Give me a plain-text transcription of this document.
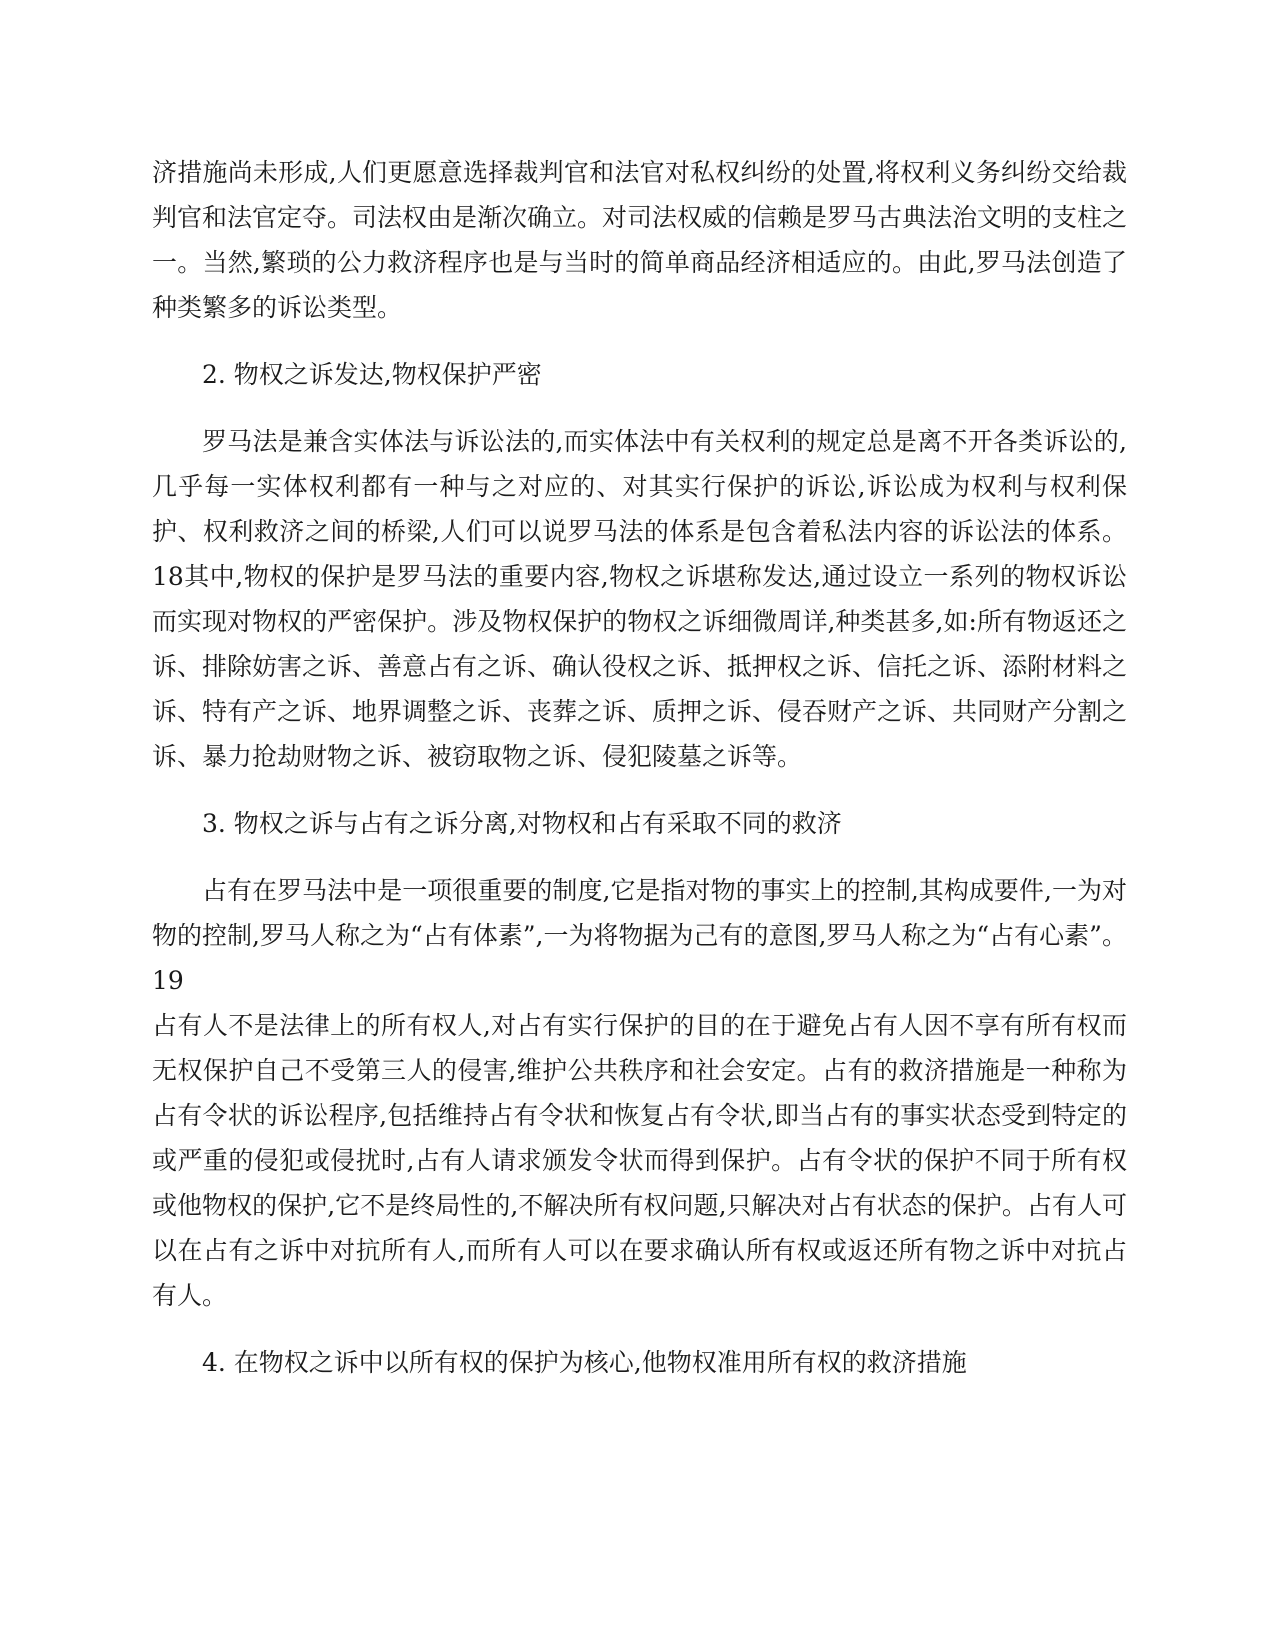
济措施尚未形成,人们更愿意选择裁判官和法官对私权纠纷的处置,将权利义务纠纷交给裁判官和法官定夺。司法权由是渐次确立。对司法权威的信赖是罗马古典法治文明的支柱之一。当然,繁琐的公力救济程序也是与当时的简单商品经济相适应的。由此,罗马法创造了种类繁多的诉讼类型。

2. 物权之诉发达,物权保护严密

罗马法是兼含实体法与诉讼法的,而实体法中有关权利的规定总是离不开各类诉讼的,几乎每一实体权利都有一种与之对应的、对其实行保护的诉讼,诉讼成为权利与权利保护、权利救济之间的桥梁,人们可以说罗马法的体系是包含着私法内容的诉讼法的体系。18其中,物权的保护是罗马法的重要内容,物权之诉堪称发达,通过设立一系列的物权诉讼而实现对物权的严密保护。涉及物权保护的物权之诉细微周详,种类甚多,如:所有物返还之诉、排除妨害之诉、善意占有之诉、确认役权之诉、抵押权之诉、信托之诉、添附材料之诉、特有产之诉、地界调整之诉、丧葬之诉、质押之诉、侵吞财产之诉、共同财产分割之诉、暴力抢劫财物之诉、被窃取物之诉、侵犯陵墓之诉等。

3. 物权之诉与占有之诉分离,对物权和占有采取不同的救济

占有在罗马法中是一项很重要的制度,它是指对物的事实上的控制,其构成要件,一为对物的控制,罗马人称之为“占有体素”,一为将物据为己有的意图,罗马人称之为“占有心素”。

19

占有人不是法律上的所有权人,对占有实行保护的目的在于避免占有人因不享有所有权而无权保护自己不受第三人的侵害,维护公共秩序和社会安定。占有的救济措施是一种称为占有令状的诉讼程序,包括维持占有令状和恢复占有令状,即当占有的事实状态受到特定的或严重的侵犯或侵扰时,占有人请求颁发令状而得到保护。占有令状的保护不同于所有权或他物权的保护,它不是终局性的,不解决所有权问题,只解决对占有状态的保护。占有人可以在占有之诉中对抗所有人,而所有人可以在要求确认所有权或返还所有物之诉中对抗占有人。

4. 在物权之诉中以所有权的保护为核心,他物权准用所有权的救济措施
